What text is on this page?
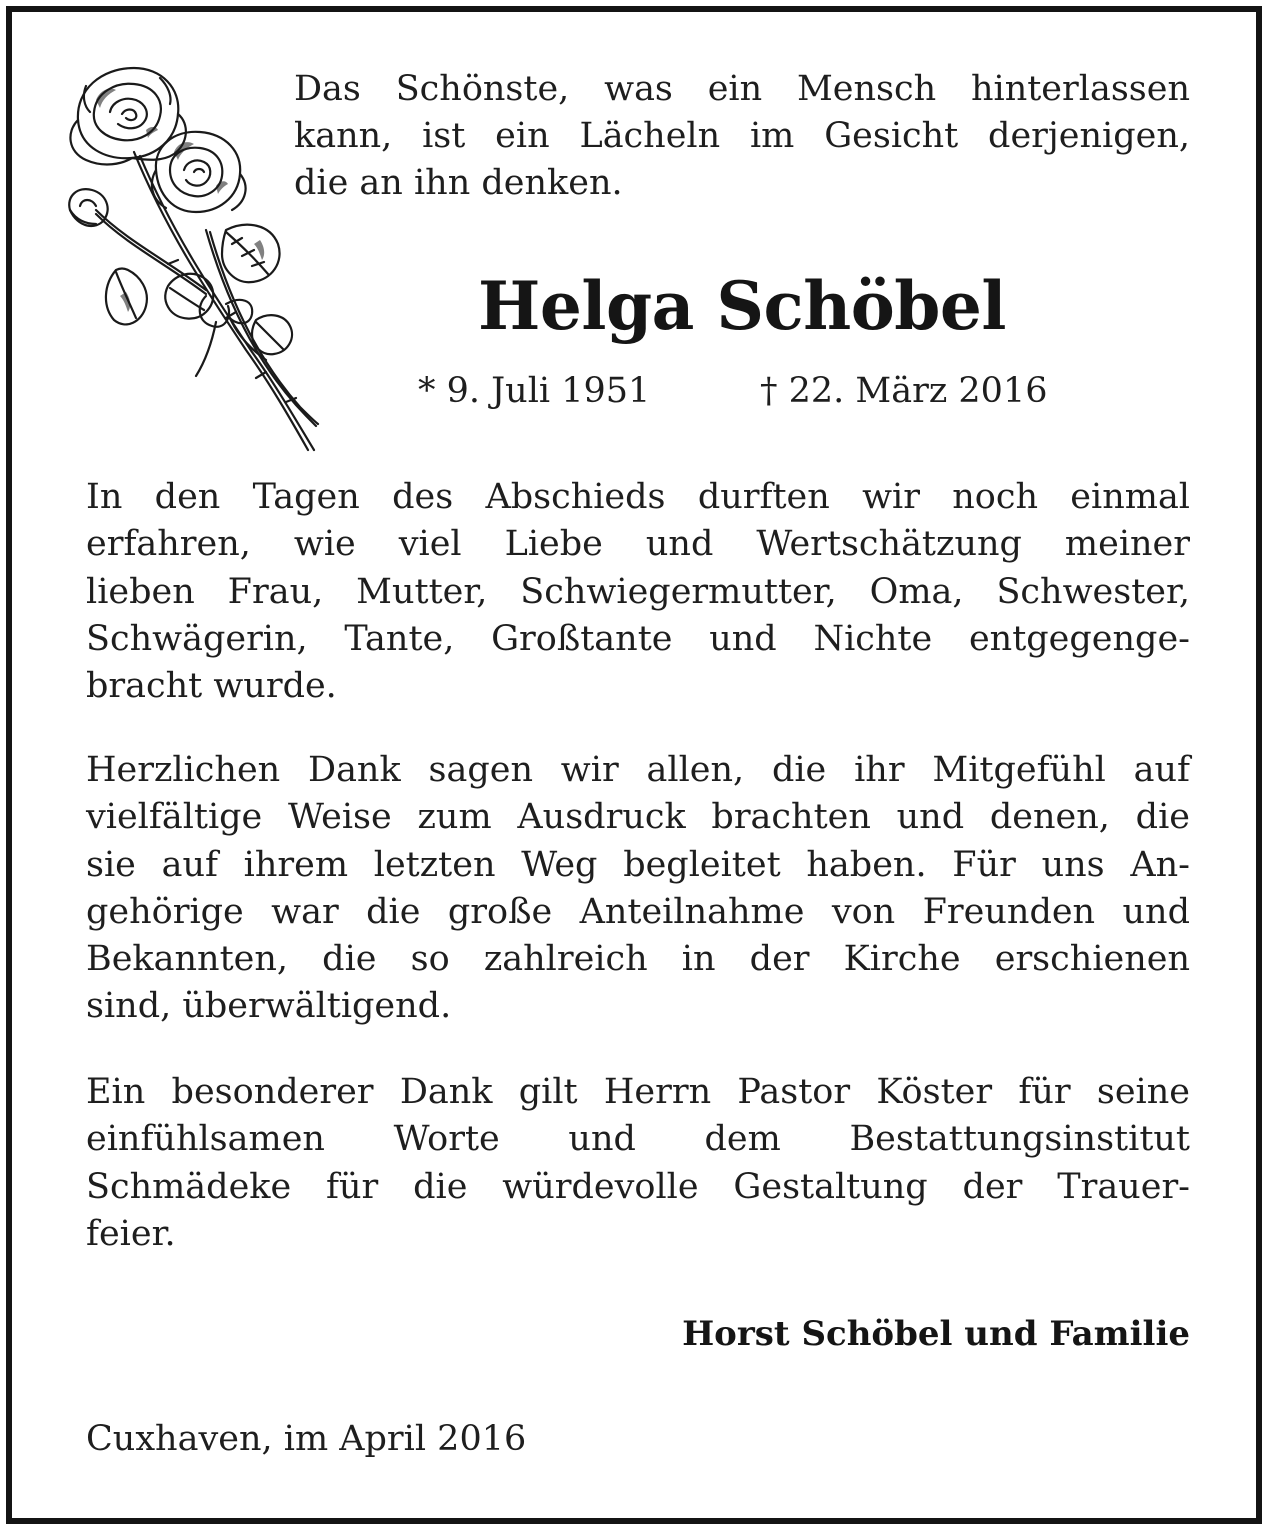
Das Schönste, was ein Mensch hinterlassen
kann, ist ein Lächeln im Gesicht derjenigen,
die an ihn denken.

Helga Schöbel
* 9. Juli 1951	† 22. März 2016

In den Tagen des Abschieds durften wir noch einmal
erfahren, wie viel Liebe und Wertschätzung meiner
lieben Frau, Mutter, Schwiegermutter, Oma, Schwester,
Schwägerin, Tante, Großtante und Nichte entgegenge-
bracht wurde.

Herzlichen Dank sagen wir allen, die ihr Mitgefühl auf
vielfältige Weise zum Ausdruck brachten und denen, die
sie auf ihrem letzten Weg begleitet haben. Für uns An-
gehörige war die große Anteilnahme von Freunden und
Bekannten, die so zahlreich in der Kirche erschienen
sind, überwältigend.

Ein besonderer Dank gilt Herrn Pastor Köster für seine
einfühlsamen Worte und dem Bestattungsinstitut
Schmädeke für die würdevolle Gestaltung der Trauer-
feier.

Horst Schöbel und Familie
Cuxhaven, im April 2016
